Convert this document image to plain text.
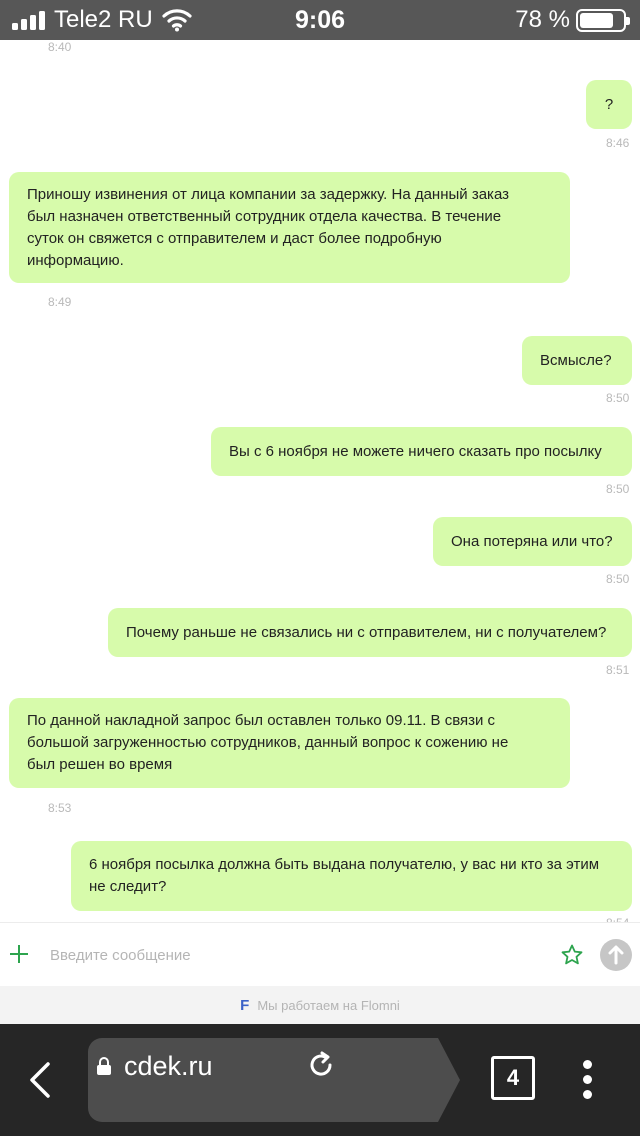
Tele2 RU	9:06	78 %
8:40
?
8:46
Приношу извинения от лица компании за задержку. На данный заказ
был назначен ответственный сотрудник отдела качества. В течение
суток он свяжется с отправителем и даст более подробную
информацию.
8:49
Всмысле?
8:50
Вы с 6 ноября не можете ничего сказать про посылку
8:50
Она потеряна или что?
8:50
Почему раньше не связались ни с отправителем, ни с получателем?
8:51
По данной накладной запрос был оставлен только 09.11. В связи с
большой загруженностью сотрудников, данный вопрос к сожению не
был решен во время
8:53
6 ноября посылка должна быть выдана получателю, у вас ни кто за этим
не следит?
Введите сообщение
F Мы работаем на Flomni
cdek.ru	4
